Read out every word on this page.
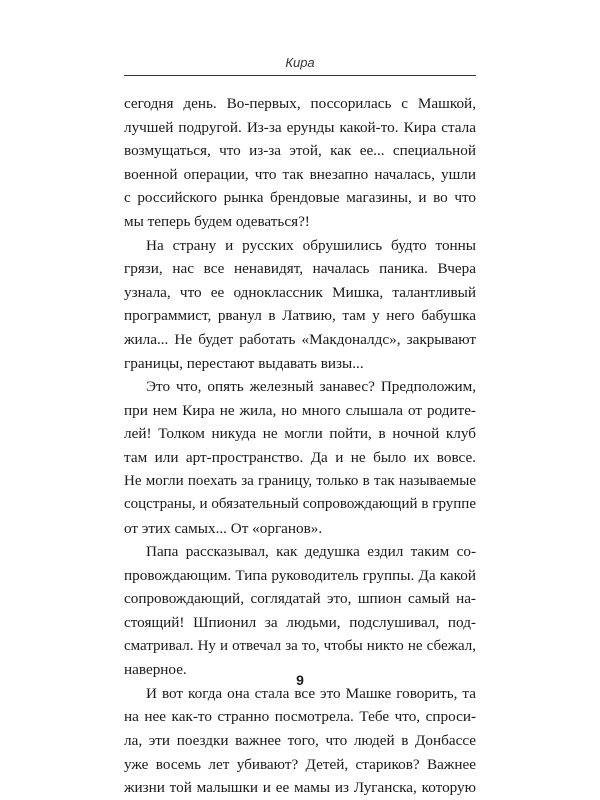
Кира
сегодня день. Во-первых, поссорилась с Машкой,
лучшей подругой. Из-за ерунды какой-то. Кира стала
возмущаться, что из-за этой, как ее... специальной
военной операции, что так внезапно началась, ушли
с российского рынка брендовые магазины, и во что
мы теперь будем одеваться?!
На страну и русских обрушились будто тонны
грязи, нас все ненавидят, началась паника. Вчера
узнала, что ее одноклассник Мишка, талантливый
программист, рванул в Латвию, там у него бабушка
жила... Не будет работать «Макдоналдс», закрывают
границы, перестают выдавать визы...
Это что, опять железный занавес? Предположим,
при нем Кира не жила, но много слышала от родите-
лей! Толком никуда не могли пойти, в ночной клуб
там или арт-пространство. Да и не было их вовсе.
Не могли поехать за границу, только в так называемые
соцстраны, и обязательный сопровождающий в группе
от этих самых... От «органов».
Папа рассказывал, как дедушка ездил таким со-
провождающим. Типа руководитель группы. Да какой
сопровождающий, соглядатай это, шпион самый на-
стоящий! Шпионил за людьми, подслушивал, под-
сматривал. Ну и отвечал за то, чтобы никто не сбежал,
наверное.
И вот когда она стала все это Машке говорить, та
на нее как-то странно посмотрела. Тебе что, спроси-
ла, эти поездки важнее того, что людей в Донбассе
уже восемь лет убивают? Детей, стариков? Важнее
жизни той малышки и ее мамы из Луганска, которую
9
